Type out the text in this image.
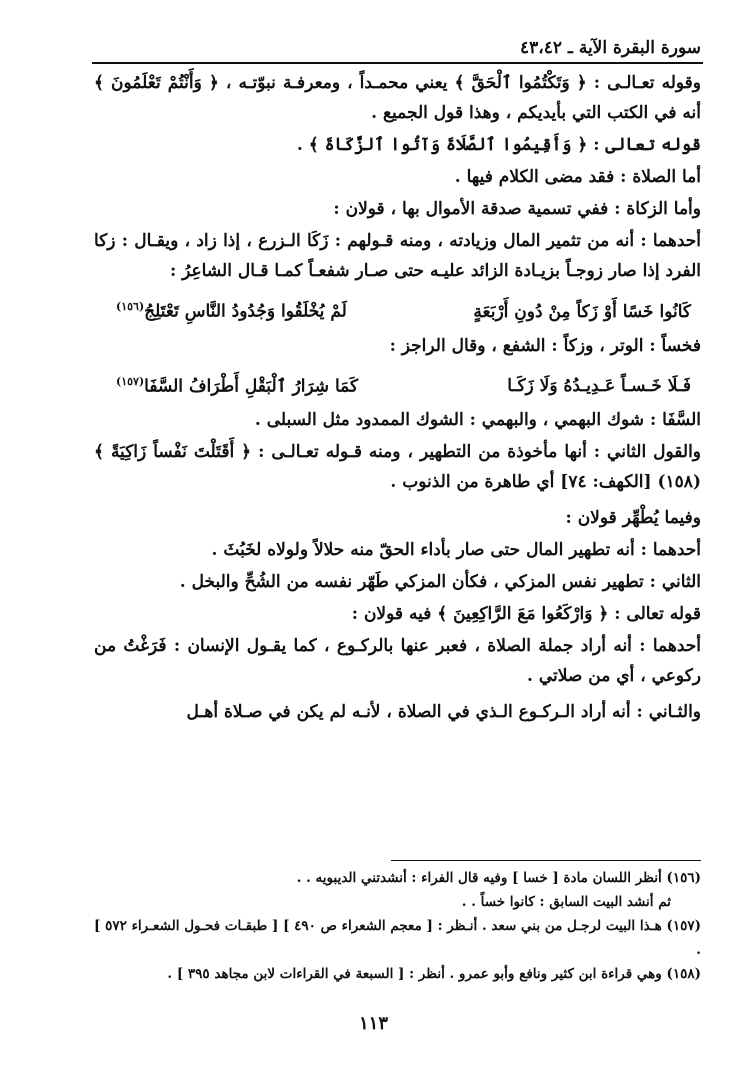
سورة البقرة الآية ـ ٤٣،٤٢

وقوله تعـالـى : ﴿ وَتَكْتُمُوا ٱلْحَقَّ ﴾ يعني محمـداً ، ومعرفـة نبوّتـه ، ﴿ وَأَنْتُمْ تَعْلَمُونَ ﴾ أنه في الكتب التي بأيديكم ، وهذا قول الجميع .

قوله تعالى : ﴿ وَأَقِيمُوا ٱلصَّلَاةَ وَآتُوا ٱلزَّكَاةَ ﴾ .

أما الصلاة : فقد مضى الكلام فيها .

وأما الزكاة : ففي تسمية صدقة الأموال بها ، قولان :

أحدهما : أنه من تثمير المال وزيادته ، ومنه قـولهم : زَكَا الـزرع ، إذا زاد ، ويقـال : زكا الفرد إذا صار زوجـاً بزيـادة الزائد عليـه حتى صـار شفعـاً كمـا قـال الشاعِرُ :

كَانُوا خَسًا أَوْ زَكاً مِنْ دُونِ أَرْبَعَةٍ
لَمْ يُخْلَقُوا وَجُدُودُ النَّاسِ تَعْتَلِجُ$^{(١٥٦)}$

فخساً : الوتر ، وزكاً : الشفع ، وقال الراجز :

فَـلَا خَـسـاً عَـدِيـدُهُ وَلَا زَكَـا
كَمَا شِرَارُ ٱلْبَقْلِ أَطْرَافُ السَّفَا$^{(١٥٧)}$

السَّفَا : شوك البهمي ، والبهمي : الشوك الممدود مثل السبلى .

والقول الثاني : أنها مأخوذة من التطهير ، ومنه قـوله تعـالـى : ﴿ أَقَتَلْتَ نَفْساً زَاكِيَةً ﴾(١٥٨) [الكهف: ٧٤] أي طاهرة من الذنوب .

وفيما يُطْهِّر قولان :

أحدهما : أنه تطهير المال حتى صار بأداء الحقّ منه حلالاً ولولاه لخَبُثَ .

الثاني : تطهير نفس المزكي ، فكأن المزكي طَهّر نفسه من الشُحِّ والبخل .

قوله تعالى : ﴿ وَارْكَعُوا مَعَ الرَّاكِعِينَ ﴾ فيه قولان :

أحدهما : أنه أراد جملة الصلاة ، فعبر عنها بالركـوع ، كما يقـول الإنسان : فَرَغْتُ من ركوعي ، أي من صلاتي .

والثـاني : أنه أراد الـركـوع الـذي في الصلاة ، لأنـه لم يكن في صـلاة أهـل

(١٥٦) أنظر اللسان مادة [ خسا ] وفيه قال الفراء : أنشدتني الديبويه . .

ثم أنشد البيت السابق : كانوا خساً . .

(١٥٧) هـذا البيت لرجـل من بني سعد . أنـظر : [ معجم الشعراء ص ٤٩٠ ] [ طبقـات فحـول الشعـراء ٥٧٢ ] .

(١٥٨) وهي قراءة ابن كثير ونافع وأبو عمرو . أنظر : [ السبعة في القراءات لابن مجاهد ٣٩٥ ] .

١١٣
